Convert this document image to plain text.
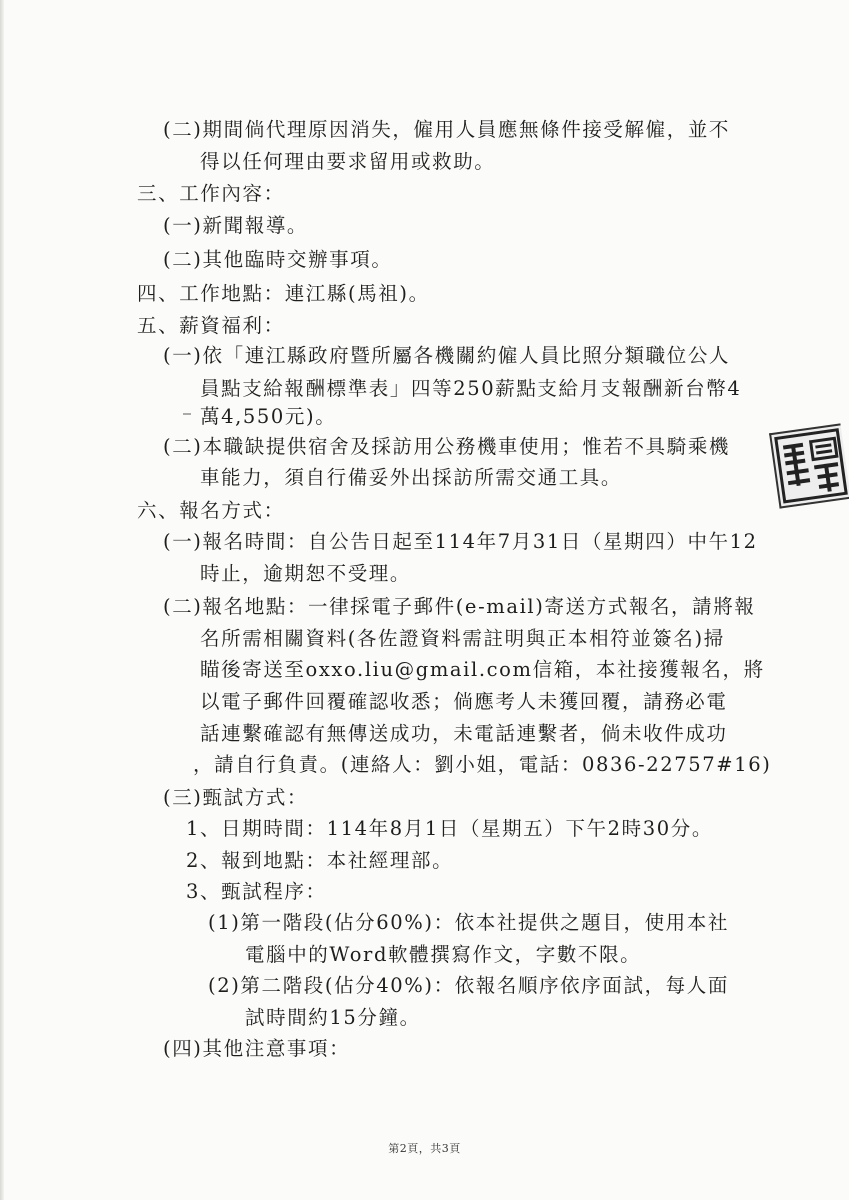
(二)期間倘代理原因消失，僱用人員應無條件接受解僱，並不
得以任何理由要求留用或救助。
三、工作內容：
(一)新聞報導。
(二)其他臨時交辦事項。
四、工作地點：連江縣(馬祖)。
五、薪資福利：
(一)依「連江縣政府暨所屬各機關約僱人員比照分類職位公人
員點支給報酬標準表」四等250薪點支給月支報酬新台幣4
萬4,550元)。
(二)本職缺提供宿舍及採訪用公務機車使用；惟若不具騎乘機
車能力，須自行備妥外出採訪所需交通工具。
六、報名方式：
(一)報名時間：自公告日起至114年7月31日（星期四）中午12
時止，逾期恕不受理。
(二)報名地點：一律採電子郵件(e-mail)寄送方式報名，請將報
名所需相關資料(各佐證資料需註明與正本相符並簽名)掃
瞄後寄送至oxxo.liu@gmail.com信箱，本社接獲報名，將
以電子郵件回覆確認收悉；倘應考人未獲回覆，請務必電
話連繫確認有無傳送成功，未電話連繫者，倘未收件成功
，請自行負責。(連絡人：劉小姐，電話：0836-22757#16)
(三)甄試方式：
1、日期時間：114年8月1日（星期五）下午2時30分。
2、報到地點：本社經理部。
3、甄試程序：
(1)第一階段(佔分60%)：依本社提供之題目，使用本社
電腦中的Word軟體撰寫作文，字數不限。
(2)第二階段(佔分40%)：依報名順序依序面試，每人面
試時間約15分鐘。
(四)其他注意事項：
第2頁，共3頁
